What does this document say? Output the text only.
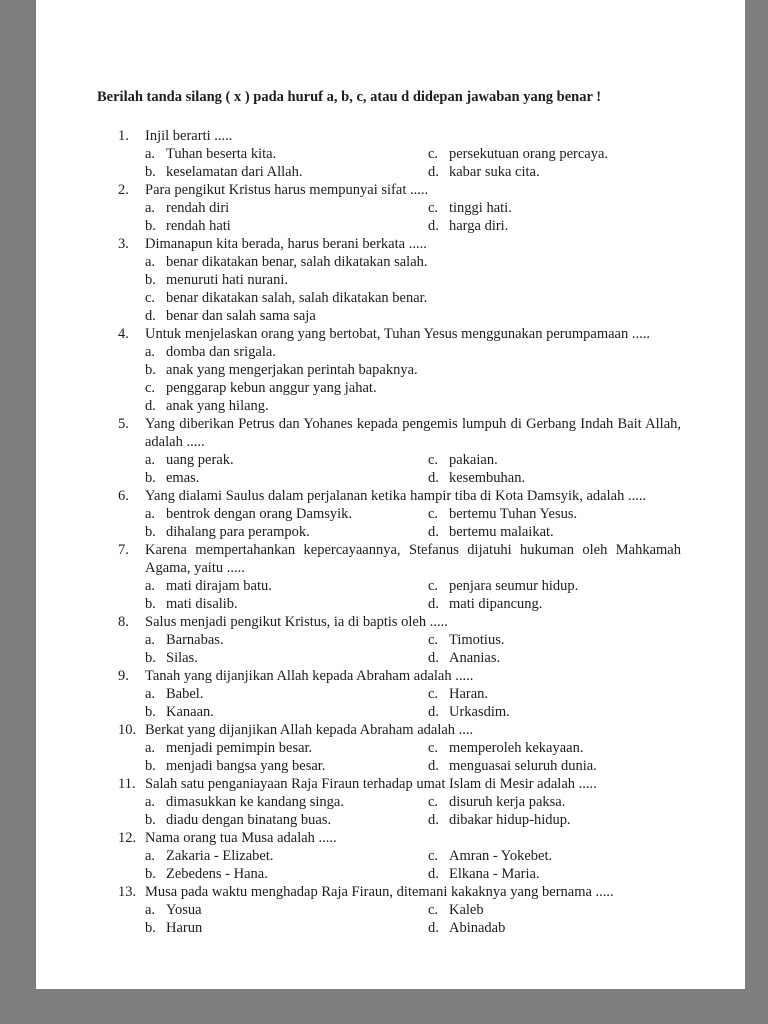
Berilah tanda silang ( x ) pada huruf a, b, c, atau d didepan jawaban yang benar !

1.	Injil berarti .....
a. Tuhan beserta kita.	c. persekutuan orang percaya.
b. keselamatan dari Allah.	d. kabar suka cita.
2.	Para pengikut Kristus harus mempunyai sifat .....
a. rendah diri	c. tinggi hati.
b. rendah hati	d. harga diri.
3.	Dimanapun kita berada, harus berani berkata .....
a. benar dikatakan benar, salah dikatakan salah.
b. menuruti hati nurani.
c. benar dikatakan salah, salah dikatakan benar.
d. benar dan salah sama saja
4.	Untuk menjelaskan orang yang bertobat, Tuhan Yesus menggunakan perumpamaan .....
a. domba dan srigala.
b. anak yang mengerjakan perintah bapaknya.
c. penggarap kebun anggur yang jahat.
d. anak yang hilang.
5.	Yang diberikan Petrus dan Yohanes kepada pengemis lumpuh di Gerbang Indah Bait Allah, adalah .....
a. uang perak.	c. pakaian.
b. emas.	d. kesembuhan.
6.	Yang dialami Saulus dalam perjalanan ketika hampir tiba di Kota Damsyik, adalah .....
a. bentrok dengan orang Damsyik.	c. bertemu Tuhan Yesus.
b. dihalang para perampok.	d. bertemu malaikat.
7.	Karena mempertahankan kepercayaannya, Stefanus dijatuhi hukuman oleh Mahkamah Agama, yaitu .....
a. mati dirajam batu.	c. penjara seumur hidup.
b. mati disalib.	d. mati dipancung.
8.	Salus menjadi pengikut Kristus, ia di baptis oleh .....
a. Barnabas.	c. Timotius.
b. Silas.	d. Ananias.
9.	Tanah yang dijanjikan Allah kepada Abraham adalah .....
a. Babel.	c. Haran.
b. Kanaan.	d. Urkasdim.
10. Berkat yang dijanjikan Allah kepada Abraham adalah ....
a. menjadi pemimpin besar.	c. memperoleh kekayaan.
b. menjadi bangsa yang besar.	d. menguasai seluruh dunia.
11. Salah satu penganiayaan Raja Firaun terhadap umat Islam di Mesir adalah .....
a. dimasukkan ke kandang singa.	c. disuruh kerja paksa.
b. diadu dengan binatang buas.	d. dibakar hidup-hidup.
12. Nama orang tua Musa adalah .....
a. Zakaria - Elizabet.	c. Amran - Yokebet.
b. Zebedens - Hana.	d. Elkana - Maria.
13. Musa pada waktu menghadap Raja Firaun, ditemani kakaknya yang bernama .....
a. Yosua	c. Kaleb
b. Harun	d. Abinadab
